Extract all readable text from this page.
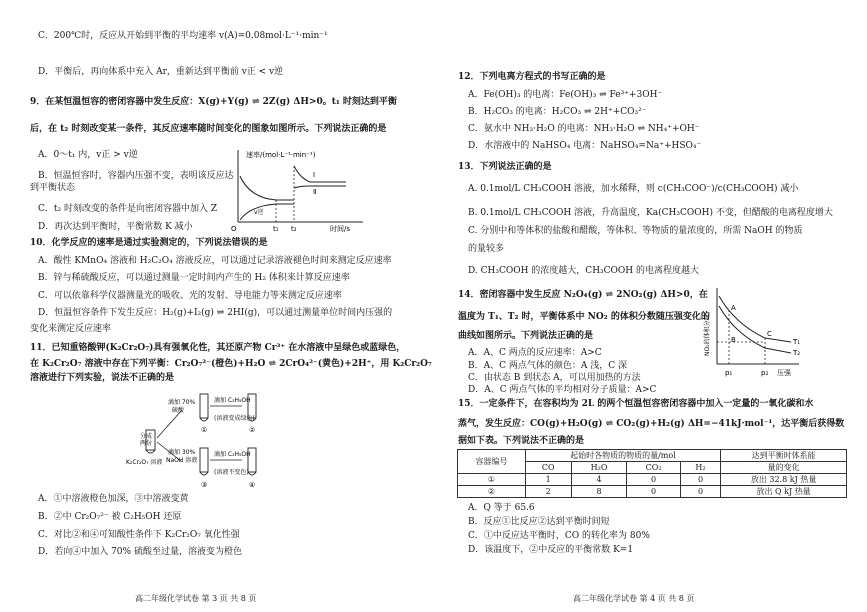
C．200℃时，反应从开始到平衡的平均速率 v(A)=0.08mol·L⁻¹·min⁻¹
D．平衡后，再向体系中充入 Ar，重新达到平衡前 v正 < v逆
9．在某恒温恒容的密闭容器中发生反应：X(g)+Y(g) ⇌ 2Z(g) ΔH>0。t₁ 时刻达到平衡
后，在 t₂ 时刻改变某一条件，其反应速率随时间变化的图象如图所示。下列说法正确的是
A．0～t₁ 内，v正 > v逆
B．恒温恒容时，容器内压强不变，表明该反应达
到平衡状态
C．t₂ 时刻改变的条件是向密闭容器中加入 Z
D．再次达到平衡时，平衡常数 K 减小
速率/(mol·L⁻¹·min⁻¹)
时间/s
O
Ⅰ
Ⅱ
v逆
t₁ t₂
10．化学反应的速率是通过实验测定的，下列说法错误的是
A．酸性 KMnO₄ 溶液和 H₂C₂O₄ 溶液反应，可以通过记录溶液褪色时间来测定反应速率
B．锌与稀硫酸反应，可以通过测量一定时间内产生的 H₂ 体积来计算反应速率
C．可以依靠科学仪器测量光的吸收、光的发射、导电能力等来测定反应速率
D．恒温恒容条件下发生反应：H₂(g)+I₂(g) ⇌ 2HI(g)，可以通过测量单位时间内压强的
变化来测定反应速率
11．已知重铬酸钾(K₂Cr₂O₇)具有强氧化性，其还原产物 Cr³⁺ 在水溶液中呈绿色或蓝绿色，
在 K₂Cr₂O₇ 溶液中存在下列平衡：Cr₂O₇²⁻(橙色)+H₂O ⇌ 2CrO₄²⁻(黄色)+2H⁺，用 K₂Cr₂O₇
溶液进行下列实验，说法不正确的是
分成
两份
K₂Cr₂O₇ 溶液
滴加 70%
硫酸
滴加 30%
NaOH 溶液
①
滴加 C₂H₅OH
(溶液变成绿色)
②
③
滴加 C₂H₅OH
(溶液不变色)
④
A．①中溶液橙色加深，③中溶液变黄
B．②中 Cr₂O₇²⁻ 被 C₂H₅OH 还原
C．对比②和④可知酸性条件下 K₂Cr₂O₇ 氧化性强
D．若向④中加入 70% 硫酸至过量，溶液变为橙色
高二年级化学试卷 第 3 页 共 8 页
12．下列电离方程式的书写正确的是
A．Fe(OH)₃ 的电离：Fe(OH)₃ ⇌ Fe³⁺+3OH⁻
B．H₂CO₃ 的电离：H₂CO₃ ⇌ 2H⁺+CO₃²⁻
C．氨水中 NH₃·H₂O 的电离：NH₃·H₂O ⇌ NH₄⁺+OH⁻
D．水溶液中的 NaHSO₄ 电离：NaHSO₄=Na⁺+HSO₄⁻
13．下列说法正确的是
A. 0.1mol/L CH₃COOH 溶液，加水稀释，则 c(CH₃COO⁻)/c(CH₃COOH) 减小
B. 0.1mol/L CH₃COOH 溶液，升高温度，Ka(CH₃COOH) 不变，但醋酸的电离程度增大
C. 分别中和等体积的盐酸和醋酸，等体积、等物质的量浓度的，所需 NaOH 的物质
的量较多
D. CH₃COOH 的浓度越大，CH₃COOH 的电离程度越大
14．密闭容器中发生反应 N₂O₄(g) ⇌ 2NO₂(g) ΔH>0，在
温度为 T₁、T₂ 时，平衡体系中 NO₂ 的体积分数随压强变化的
曲线如图所示。下列说法正确的是
A．A、C 两点的反应速率：A>C
B．A、C 两点气体的颜色：A 浅，C 深
C．由状态 B 到状态 A，可以用加热的方法
D．A、C 两点气体的平均相对分子质量：A>C
NO₂的体积分数
压强
A
B
C
T₁
T₂
p₁	p₂
15．一定条件下，在容积均为 2L 的两个恒温恒容密闭容器中加入一定量的一氧化碳和水
蒸气，发生反应：CO(g)+H₂O(g) ⇌ CO₂(g)+H₂(g) ΔH=−41kJ·mol⁻¹，达平衡后获得数
据如下表。下列说法不正确的是
容器编号	起始时各物质的物质的量/mol				达到平衡时体系能
	CO	H₂O	CO₂	H₂	量的变化
①	1	4	0	0	放出 32.8 kJ 热量
②	2	8	0	0	放出 Q kJ 热量
A．Q 等于 65.6
B．反应①比反应②达到平衡时间短
C．①中反应达平衡时，CO 的转化率为 80%
D．该温度下，②中反应的平衡常数 K=1
高二年级化学试卷 第 4 页 共 8 页
